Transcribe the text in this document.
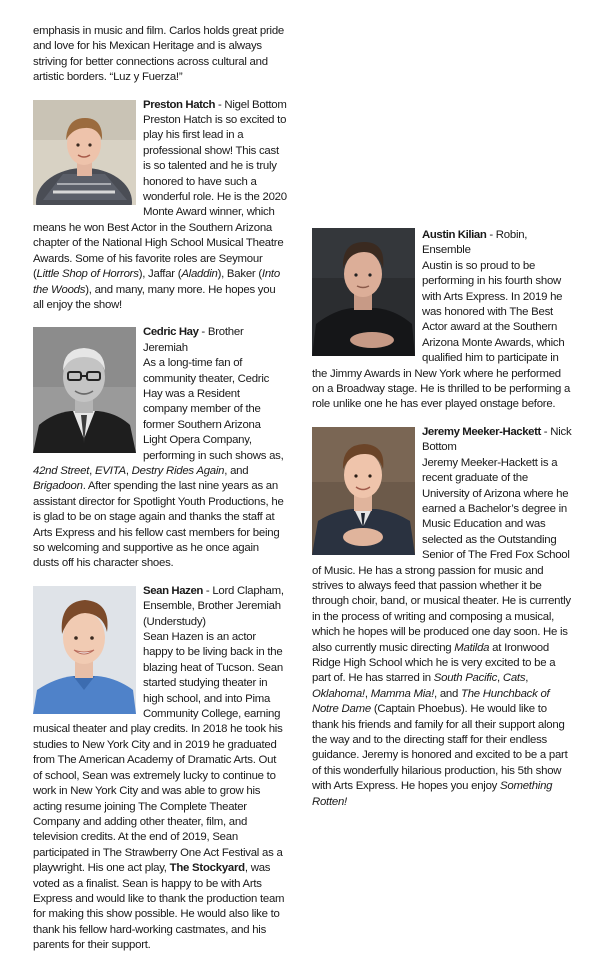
emphasis in music and film. Carlos holds great pride and love for his Mexican Heritage and is always striving for better connections across cultural and artistic borders. “Luz y Fuerza!”

Preston Hatch - Nigel Bottom
Preston Hatch is so excited to play his first lead in a professional show! This cast is so talented and he is truly honored to have such a wonderful role. He is the 2020 Monte Award winner, which means he won Best Actor in the Southern Arizona chapter of the National High School Musical Theatre Awards. Some of his favorite roles are Seymour (Little Shop of Horrors), Jaffar (Aladdin), Baker (Into the Woods), and many, many more. He hopes you all enjoy the show!

Cedric Hay - Brother Jeremiah
As a long-time fan of community theater, Cedric Hay was a Resident company member of the former Southern Arizona Light Opera Company, performing in such shows as, 42nd Street, EVITA, Destry Rides Again, and Brigadoon. After spending the last nine years as an assistant director for Spotlight Youth Productions, he is glad to be on stage again and thanks the staff at Arts Express and his fellow cast members for being so welcoming and supportive as he once again dusts off his character shoes.

Sean Hazen - Lord Clapham, Ensemble, Brother Jeremiah (Understudy)
Sean Hazen is an actor happy to be living back in the blazing heat of Tucson. Sean started studying theater in high school, and into Pima Community College, earning musical theater and play credits. In 2018 he took his studies to New York City and in 2019 he graduated from The American Academy of Dramatic Arts. Out of school, Sean was extremely lucky to continue to work in New York City and was able to grow his acting resume joining The Complete Theater Company and adding other theater, film, and television credits. At the end of 2019, Sean participated in The Strawberry One Act Festival as a playwright. His one act play, The Stockyard, was voted as a finalist. Sean is happy to be with Arts Express and would like to thank the production team for making this show possible. He would also like to thank his fellow hard-working castmates, and his parents for their support.

Austin Kilian - Robin, Ensemble
Austin is so proud to be performing in his fourth show with Arts Express. In 2019 he was honored with The Best Actor award at the Southern Arizona Monte Awards, which qualified him to participate in the Jimmy Awards in New York where he performed on a Broadway stage. He is thrilled to be performing a role unlike one he has ever played onstage before.

Jeremy Meeker-Hackett - Nick Bottom
Jeremy Meeker-Hackett is a recent graduate of the University of Arizona where he earned a Bachelor’s degree in Music Education and was selected as the Outstanding Senior of The Fred Fox School of Music. He has a strong passion for music and strives to always feed that passion whether it be through choir, band, or musical theater. He is currently in the process of writing and composing a musical, which he hopes will be produced one day soon. He is also currently music directing Matilda at Ironwood Ridge High School which he is very excited to be a part of. He has starred in South Pacific, Cats, Oklahoma!, Mamma Mia!, and The Hunchback of Notre Dame (Captain Phoebus). He would like to thank his friends and family for all their support along the way and to the directing staff for their endless guidance. Jeremy is honored and excited to be a part of this wonderfully hilarious production, his 5th show with Arts Express. He hopes you enjoy Something Rotten!
